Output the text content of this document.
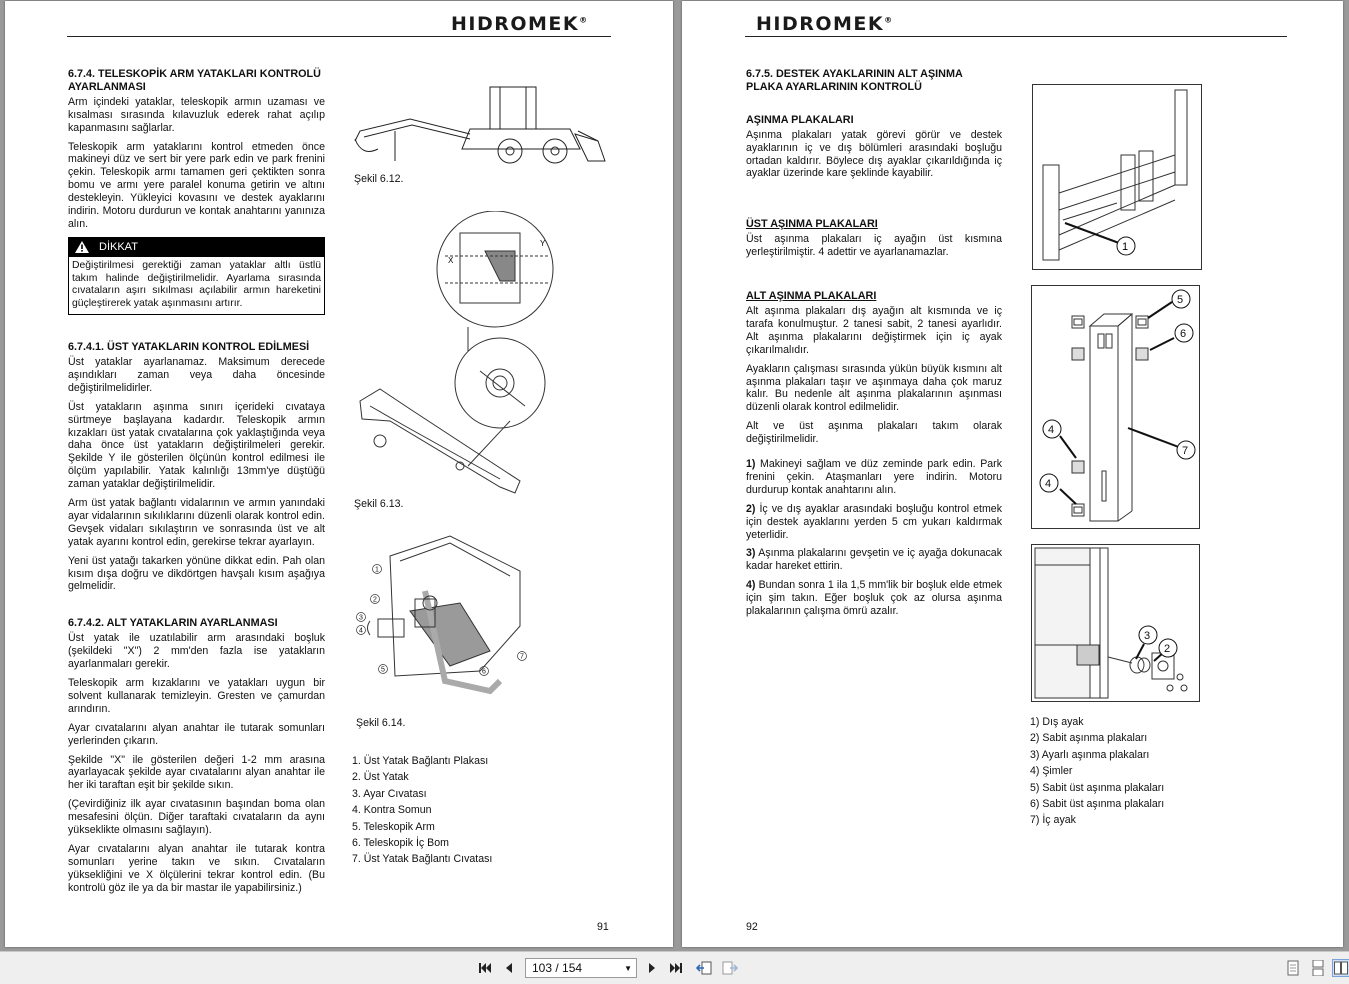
HIDROMEK®
6.7.4. TELESKOPİK ARM YATAKLARI KONTROLÜ AYARLANMASI

Arm içindeki yataklar, teleskopik armın uzaması ve kısalması sırasında kılavuzluk ederek rahat açılıp kapanmasını sağlarlar.

Teleskopik arm yataklarını kontrol etmeden önce makineyi düz ve sert bir yere park edin ve park frenini çekin. Teleskopik armı tamamen geri çektikten sonra bomu ve armı yere paralel konuma getirin ve altını destekleyin. Yükleyici kovasını ve destek ayaklarını indirin. Motoru durdurun ve kontak anahtarını yanınıza alın.

DİKKAT
Değiştirilmesi gerektiği zaman yataklar altlı üstlü takım halinde değiştirilmelidir. Ayarlama sırasında cıvataların aşırı sıkılması açılabilir armın hareketini güçleştirerek yatak aşınmasını artırır.
6.7.4.1. ÜST YATAKLARIN KONTROL EDİLMESİ

Üst yataklar ayarlanamaz. Maksimum derecede aşındıkları zaman veya daha öncesinde değiştirilmelidirler.

Üst yatakların aşınma sınırı içerideki cıvataya sürtmeye başlayana kadardır. Teleskopik armın kızakları üst yatak cıvatalarına çok yaklaştığında veya daha önce üst yatakların değiştirilmeleri gerekir. Şekilde Y ile gösterilen ölçünün kontrol edilmesi ile ölçüm yapılabilir. Yatak kalınlığı 13mm'ye düştüğü zaman yataklar değiştirilmelidir.

Arm üst yatak bağlantı vidalarının ve armın yanındaki ayar vidalarının sıkılıklarını düzenli olarak kontrol edin. Gevşek vidaları sıkılaştırın ve sonrasında üst ve alt yatak ayarını kontrol edin, gerekirse tekrar ayarlayın.

Yeni üst yatağı takarken yönüne dikkat edin. Pah olan kısım dışa doğru ve dikdörtgen havşalı kısım aşağıya gelmelidir.

6.7.4.2. ALT YATAKLARIN AYARLANMASI

Üst yatak ile uzatılabilir arm arasındaki boşluk (şekildeki "X") 2 mm'den fazla ise yatakların ayarlanmaları gerekir.

Teleskopik arm kızaklarını ve yatakları uygun bir solvent kullanarak temizleyin. Gresten ve çamurdan arındırın.

Ayar cıvatalarını alyan anahtar ile tutarak somunları yerlerinden çıkarın.

Şekilde "X" ile gösterilen değeri 1-2 mm arasına ayarlayacak şekilde ayar cıvatalarını alyan anahtar ile her iki taraftan eşit bir şekilde sıkın.

(Çevirdiğiniz ilk ayar cıvatasının başından boma olan mesafesini ölçün. Diğer taraftaki cıvataların da aynı yükseklikte olmasını sağlayın).

Ayar cıvatalarını alyan anahtar ile tutarak kontra somunları yerine takın ve sıkın. Cıvataların yüksekliğini ve X ölçülerini tekrar kontrol edin. (Bu kontrolü göz ile ya da bir mastar ile yapabilirsiniz.)

Şekil 6.12.
X
Y
Şekil 6.13.
1
2
3
4
5	6
7
Şekil 6.14.
1. Üst Yatak Bağlantı Plakası
2. Üst Yatak
3. Ayar Cıvatası
4. Kontra Somun
5. Teleskopik Arm
6. Teleskopik İç Bom
7. Üst Yatak Bağlantı Cıvatası
91
HIDROMEK®
6.7.5. DESTEK AYAKLARININ ALT AŞINMA PLAKA AYARLARININ KONTROLÜ
AŞINMA PLAKALARI

Aşınma plakaları yatak görevi görür ve destek ayaklarının iç ve dış bölümleri arasındaki boşluğu ortadan kaldırır. Böylece dış ayaklar çıkarıldığında iç ayaklar üzerinde kare şeklinde kayabilir.

ÜST AŞINMA PLAKALARI

Üst aşınma plakaları iç ayağın üst kısmına yerleştirilmiştir. 4 adettir ve ayarlanamazlar.

ALT AŞINMA PLAKALARI

Alt aşınma plakaları dış ayağın alt kısmında ve iç tarafa konulmuştur. 2 tanesi sabit, 2 tanesi ayarlıdır. Alt aşınma plakalarını değiştirmek için iç ayak çıkarılmalıdır.

Ayakların çalışması sırasında yükün büyük kısmını alt aşınma plakaları taşır ve aşınmaya daha çok maruz kalır. Bu nedenle alt aşınma plakalarının aşınması düzenli olarak kontrol edilmelidir.

Alt ve üst aşınma plakaları takım olarak değiştirilmelidir.

1) Makineyi sağlam ve düz zeminde park edin. Park frenini çekin. Ataşmanları yere indirin. Motoru durdurup kontak anahtarını alın.

2) İç ve dış ayaklar arasındaki boşluğu kontrol etmek için destek ayaklarını yerden 5 cm yukarı kaldırmak yeterlidir.

3) Aşınma plakalarını gevşetin ve iç ayağa dokunacak kadar hareket ettirin.

4) Bundan sonra 1 ila 1,5 mm'lik bir boşluk elde etmek için şim takın. Eğer boşluk çok az olursa aşınma plakalarının çalışma ömrü azalır.

1
5
6
7
4
4
3
2
1) Dış ayak
2) Sabit aşınma plakaları
3) Ayarlı aşınma plakaları
4) Şimler
5) Sabit üst aşınma plakaları
6) Sabit üst aşınma plakaları
7) İç ayak
92
103 / 154	▼
